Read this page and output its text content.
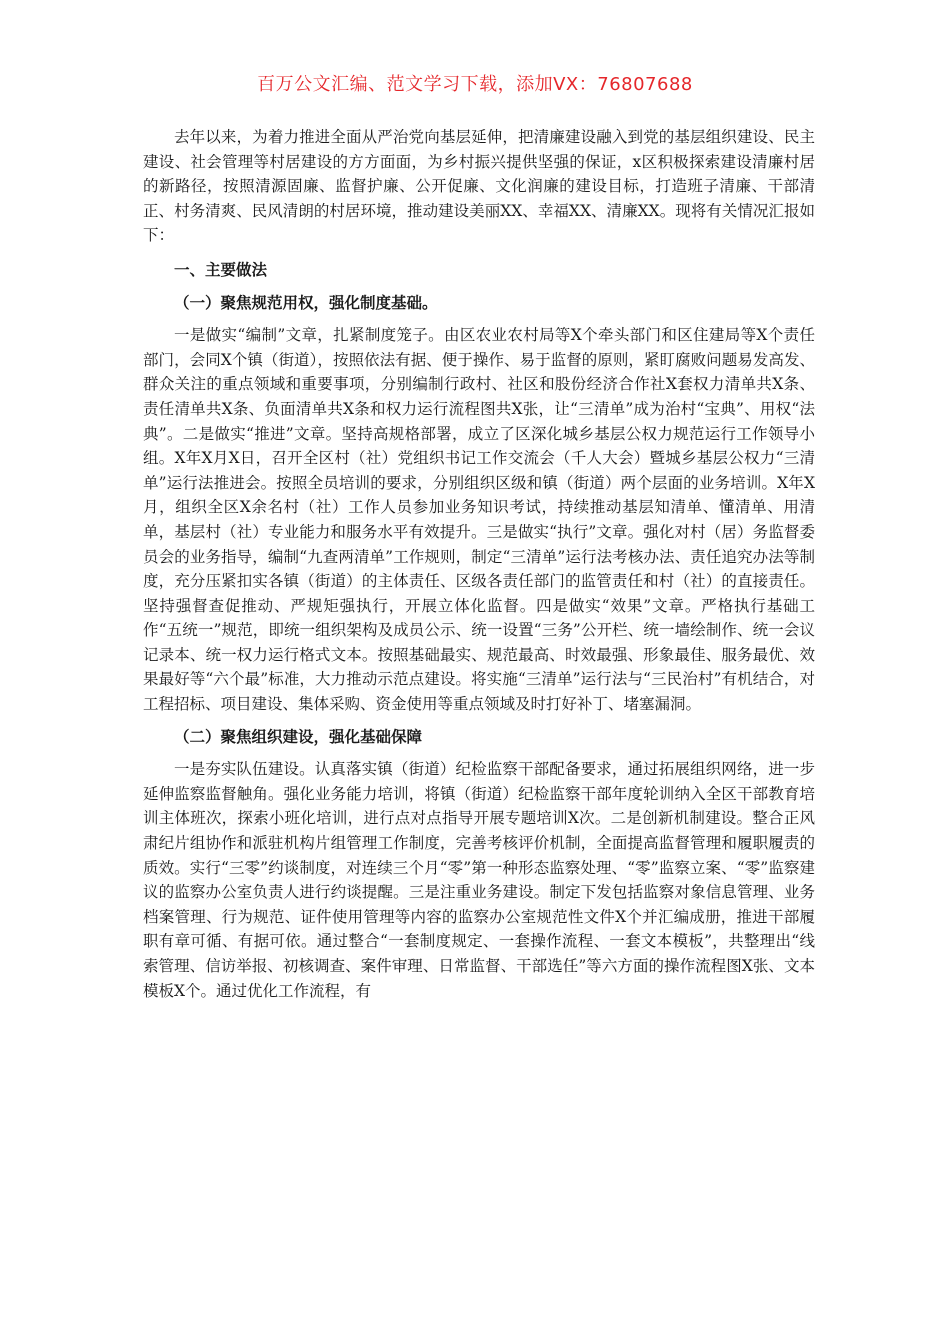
百万公文汇编、范文学习下载，添加VX：76807688

去年以来，为着力推进全面从严治党向基层延伸，把清廉建设融入到党的基层组织建设、民主建设、社会管理等村居建设的方方面面，为乡村振兴提供坚强的保证，x区积极探索建设清廉村居的新路径，按照清源固廉、监督护廉、公开促廉、文化润廉的建设目标，打造班子清廉、干部清正、村务清爽、民风清朗的村居环境，推动建设美丽XX、幸福XX、清廉XX。现将有关情况汇报如下：

一、主要做法
（一）聚焦规范用权，强化制度基础。

一是做实“编制”文章，扎紧制度笼子。由区农业农村局等X个牵头部门和区住建局等X个责任部门，会同X个镇（街道），按照依法有据、便于操作、易于监督的原则，紧盯腐败问题易发高发、群众关注的重点领域和重要事项，分别编制行政村、社区和股份经济合作社X套权力清单共X条、责任清单共X条、负面清单共X条和权力运行流程图共X张，让“三清单”成为治村“宝典”、用权“法典”。二是做实“推进”文章。坚持高规格部署，成立了区深化城乡基层公权力规范运行工作领导小组。X年X月X日，召开全区村（社）党组织书记工作交流会（千人大会）暨城乡基层公权力“三清单”运行法推进会。按照全员培训的要求，分别组织区级和镇（街道）两个层面的业务培训。X年X月，组织全区X余名村（社）工作人员参加业务知识考试，持续推动基层知清单、懂清单、用清单，基层村（社）专业能力和服务水平有效提升。三是做实“执行”文章。强化对村（居）务监督委员会的业务指导，编制“九查两清单”工作规则，制定“三清单”运行法考核办法、责任追究办法等制度，充分压紧扣实各镇（街道）的主体责任、区级各责任部门的监管责任和村（社）的直接责任。坚持强督查促推动、严规矩强执行，开展立体化监督。四是做实“效果”文章。严格执行基础工作“五统一”规范，即统一组织架构及成员公示、统一设置“三务”公开栏、统一墙绘制作、统一会议记录本、统一权力运行格式文本。按照基础最实、规范最高、时效最强、形象最佳、服务最优、效果最好等“六个最”标准，大力推动示范点建设。将实施“三清单”运行法与“三民治村”有机结合，对工程招标、项目建设、集体采购、资金使用等重点领域及时打好补丁、堵塞漏洞。

（二）聚焦组织建设，强化基础保障

一是夯实队伍建设。认真落实镇（街道）纪检监察干部配备要求，通过拓展组织网络，进一步延伸监察监督触角。强化业务能力培训，将镇（街道）纪检监察干部年度轮训纳入全区干部教育培训主体班次，探索小班化培训，进行点对点指导开展专题培训X次。二是创新机制建设。整合正风肃纪片组协作和派驻机构片组管理工作制度，完善考核评价机制，全面提高监督管理和履职履责的质效。实行“三零”约谈制度，对连续三个月“零”第一种形态监察处理、“零”监察立案、“零”监察建议的监察办公室负责人进行约谈提醒。三是注重业务建设。制定下发包括监察对象信息管理、业务档案管理、行为规范、证件使用管理等内容的监察办公室规范性文件X个并汇编成册，推进干部履职有章可循、有据可依。通过整合“一套制度规定、一套操作流程、一套文本模板”，共整理出“线索管理、信访举报、初核调查、案件审理、日常监督、干部选任”等六方面的操作流程图X张、文本模板X个。通过优化工作流程，有
